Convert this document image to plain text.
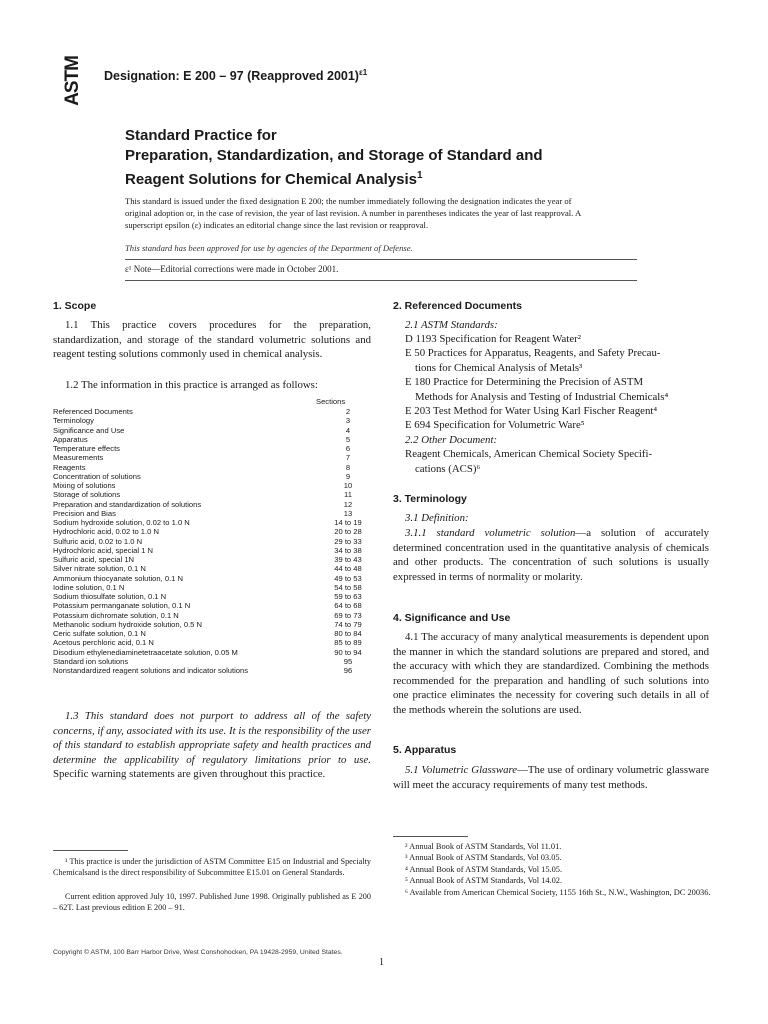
ASTM	Designation: E 200 – 97 (Reapproved 2001)$^{\varepsilon 1}$
Standard Practice for
Preparation, Standardization, and Storage of Standard and
Reagent Solutions for Chemical Analysis$^1$
This standard is issued under the fixed designation E 200; the number immediately following the designation indicates the year of
original adoption or, in the case of revision, the year of last revision. A number in parentheses indicates the year of last reapproval. A
superscript epsilon (ε) indicates an editorial change since the last revision or reapproval.
This standard has been approved for use by agencies of the Department of Defense.
ε¹ Note—Editorial corrections were made in October 2001.
1. Scope
1.1 This practice covers procedures for the preparation, standardization, and storage of the standard volumetric solutions and reagent testing solutions commonly used in chemical analysis.
1.2 The information in this practice is arranged as follows:
Sections
Referenced Documents	2
Terminology	3
Significance and Use	4
Apparatus	5
Temperature effects	6
Measurements	7
Reagents	8
Concentration of solutions	9
Mixing of solutions	10
Storage of solutions	11
Preparation and standardization of solutions	12
Precision and Bias	13
Sodium hydroxide solution, 0.02 to 1.0 N	14 to 19
Hydrochloric acid, 0.02 to 1.0 N	20 to 28
Sulfuric acid, 0.02 to 1.0 N	29 to 33
Hydrochloric acid, special 1 N	34 to 38
Sulfuric acid, special 1N	39 to 43
Silver nitrate solution, 0.1 N	44 to 48
Ammonium thiocyanate solution, 0.1 N	49 to 53
Iodine solution, 0.1 N	54 to 58
Sodium thiosulfate solution, 0.1 N	59 to 63
Potassium permanganate solution, 0.1 N	64 to 68
Potassium dichromate solution, 0.1 N	69 to 73
Methanolic sodium hydroxide solution, 0.5 N	74 to 79
Ceric sulfate solution, 0.1 N	80 to 84
Acetous perchloric acid, 0.1 N	85 to 89
Disodium ethylenediaminetetraacetate solution, 0.05 M	90 to 94
Standard ion solutions	95
Nonstandardized reagent solutions and indicator solutions	96
1.3 This standard does not purport to address all of the safety concerns, if any, associated with its use. It is the responsibility of the user of this standard to establish appropriate safety and health practices and determine the applicability of regulatory limitations prior to use. Specific warning statements are given throughout this practice.
¹ This practice is under the jurisdiction of ASTM Committee E15 on Industrial and Specialty Chemicalsand is the direct responsibility of Subcommittee E15.01 on General Standards.
Current edition approved July 10, 1997. Published June 1998. Originally published as E 200 – 62T. Last previous edition E 200 – 91.
2. Referenced Documents
2.1 ASTM Standards:
D 1193 Specification for Reagent Water²
E 50 Practices for Apparatus, Reagents, and Safety Precau-
tions for Chemical Analysis of Metals³
E 180 Practice for Determining the Precision of ASTM
Methods for Analysis and Testing of Industrial Chemicals⁴
E 203 Test Method for Water Using Karl Fischer Reagent⁴
E 694 Specification for Volumetric Ware⁵
2.2 Other Document:
Reagent Chemicals, American Chemical Society Specifi-
cations (ACS)⁶
3. Terminology
3.1 Definition:
3.1.1 standard volumetric solution—a solution of accurately determined concentration used in the quantitative analysis of chemicals and other products. The concentration of such solutions is usually expressed in terms of normality or molarity.
4. Significance and Use
4.1 The accuracy of many analytical measurements is dependent upon the manner in which the standard solutions are prepared and stored, and the accuracy with which they are standardized. Combining the methods recommended for the preparation and handling of such solutions into one practice eliminates the necessity for covering such details in all of the methods wherein the solutions are used.
5. Apparatus
5.1 Volumetric Glassware—The use of ordinary volumetric glassware will meet the accuracy requirements of many test methods.
² Annual Book of ASTM Standards, Vol 11.01.
³ Annual Book of ASTM Standards, Vol 03.05.
⁴ Annual Book of ASTM Standards, Vol 15.05.
⁵ Annual Book of ASTM Standards, Vol 14.02.
⁶ Available from American Chemical Society, 1155 16th St., N.W., Washington, DC 20036.
Copyright © ASTM, 100 Barr Harbor Drive, West Conshohocken, PA 19428-2959, United States.
1
